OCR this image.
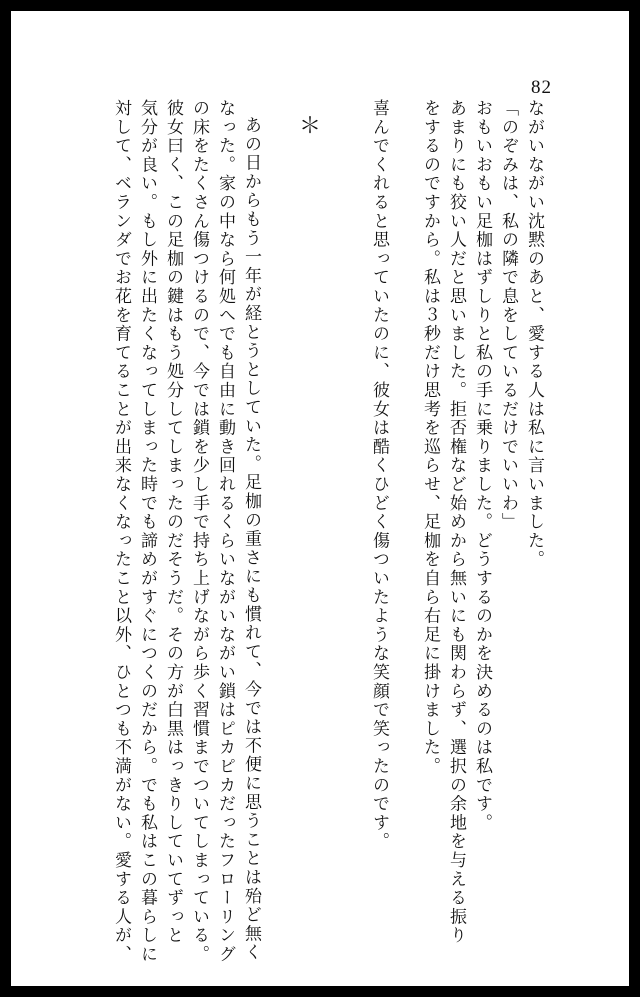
82
ながいながい沈黙のあと、愛する人は私に言いました。
「のぞみは、私の隣で息をしているだけでいいわ」
おもいおもい足枷はずしりと私の手に乗りました。どうするのかを決めるのは私です。
あまりにも狡い人だと思いました。拒否権など始めから無いにも関わらず、選択の余地を与える振り
をするのですから。私は３秒だけ思考を巡らせ、足枷を自ら右足に掛けました。
喜んでくれると思っていたのに、彼女は酷くひどく傷ついたような笑顔で笑ったのです。
＊
あの日からもう一年が経とうとしていた。足枷の重さにも慣れて、今では不便に思うことは殆ど無く
なった。家の中なら何処へでも自由に動き回れるくらいながいながい鎖はピカピカだったフローリング
の床をたくさん傷つけるので、今では鎖を少し手で持ち上げながら歩く習慣までついてしまっている。
彼女曰く、この足枷の鍵はもう処分してしまったのだそうだ。その方が白黒はっきりしていてずっと
気分が良い。もし外に出たくなってしまった時でも諦めがすぐにつくのだから。でも私はこの暮らしに
対して、ベランダでお花を育てることが出来なくなったこと以外、ひとつも不満がない。愛する人が、
